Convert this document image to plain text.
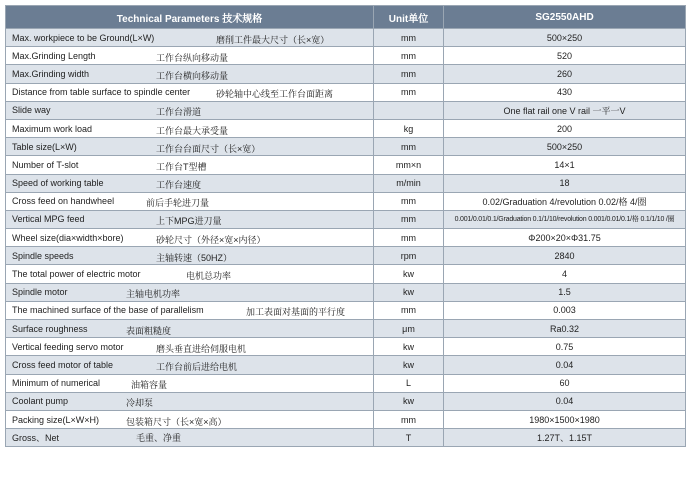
Technical Parameters 技术规格	Unit单位	SG2550AHD
Max. workpiece to be Ground(L×W) 磨削工件最大尺寸（长×宽）	mm	500×250
Max.Grinding Length 工作台纵向移动量	mm	520
Max.Grinding width 工作台横向移动量	mm	260
Distance from table surface to spindle center 砂轮轴中心线至工作台面距离	mm	430
Slide way 工作台滑道		One flat rail one V rail 一平一V
Maximum work load 工作台最大承受量	kg	200
Table size(L×W) 工作台台面尺寸（长×宽）	mm	500×250
Number of T-slot 工作台T型槽	mm×n	14×1
Speed of working table 工作台速度	m/min	18
Cross feed on handwheel 前后手轮进刀量	mm	0.02/Graduation 4/revolution 0.02/格 4/圈
Vertical MPG feed 上下MPG进刀量	mm	0.001/0.01/0.1/Graduation 0.1/1/10/revolution 0.001/0.01/0.1/格 0.1/1/10 /圈
Wheel size(dia×width×bore) 砂轮尺寸（外径×宽×内径）	mm	Φ200×20×Φ31.75
Spindle speeds 主轴转速（50HZ）	rpm	2840
The total power of electric motor 电机总功率	kw	4
Spindle motor 主轴电机功率	kw	1.5
The machined surface of the base of parallelism 加工表面对基面的平行度	mm	0.003
Surface roughness 表面粗糙度	μm	Ra0.32
Vertical feeding servo motor 磨头垂直进给伺服电机	kw	0.75
Cross feed motor of table 工作台前后进给电机	kw	0.04
Minimum of numerical 油箱容量	L	60
Coolant pump 冷却泵	kw	0.04
Packing size(L×W×H) 包装箱尺寸（长×宽×高）	mm	1980×1500×1980
Gross、Net 毛重、净重	T	1.27T、1.15T
